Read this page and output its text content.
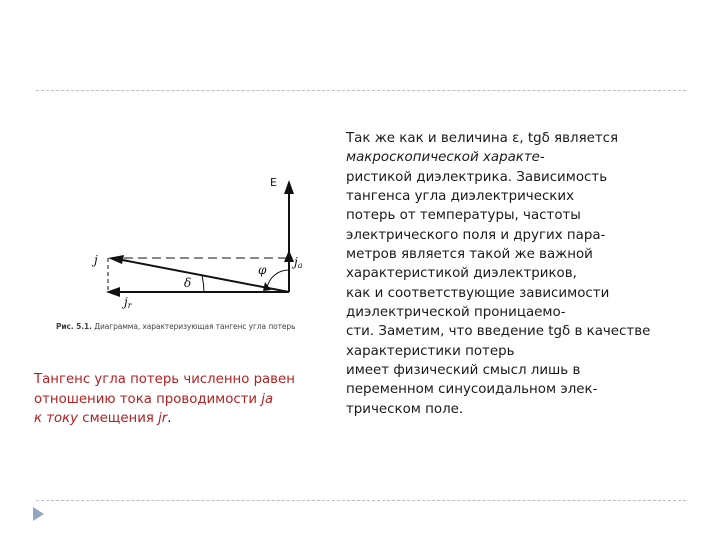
E
ja
j
jr
φ
δ
Рис. 5.1. Диаграмма, характеризующая тангенс угла потерь
Тангенс угла потерь численно равен отношению тока проводимости jа
к току смещения jr.
Так же как и величина ε, tgδ является
макроскопической характе-
ристикой диэлектрика. Зависимость
тангенса угла диэлектрических
потерь от температуры, частоты
электрического поля и других пара-
метров является такой же важной
характеристикой диэлектриков,
как и соответствующие зависимости
диэлектрической проницаемо-
сти. Заметим, что введение tgδ в качестве
характеристики потерь
имеет физический смысл лишь в
переменном синусоидальном элек-
трическом поле.
